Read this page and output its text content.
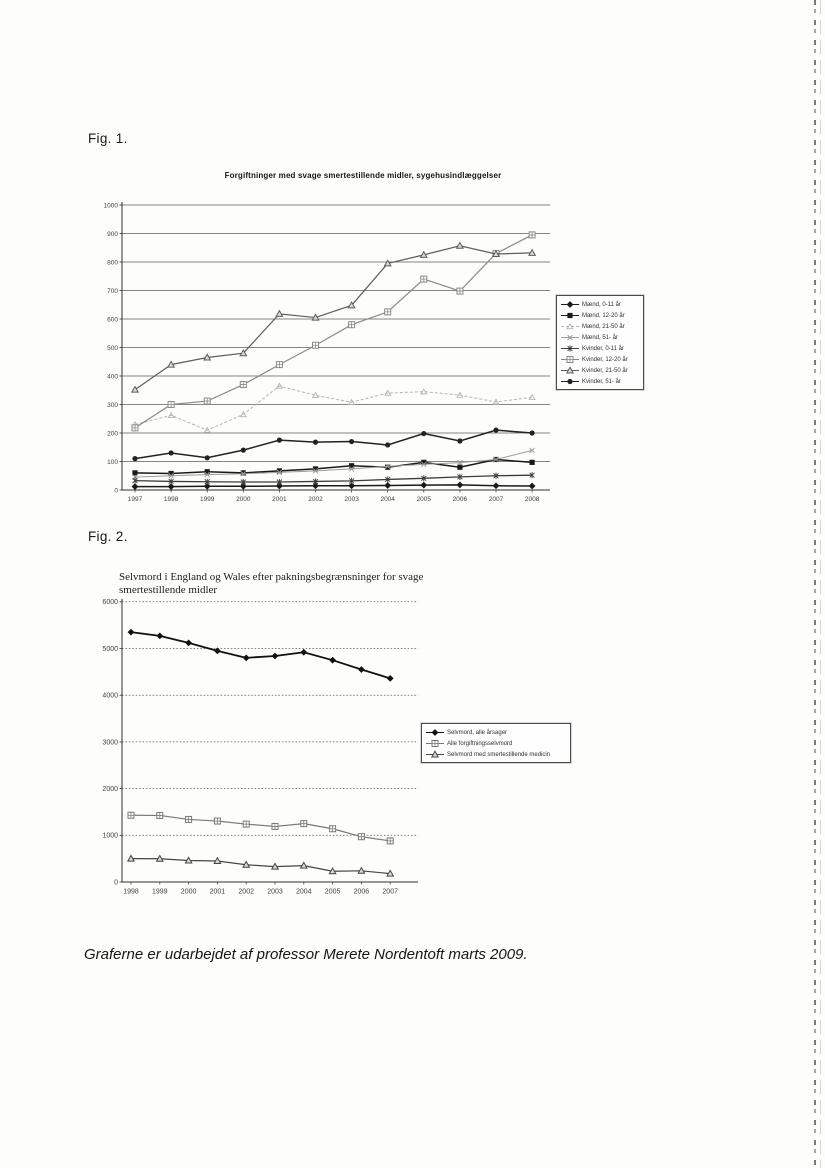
Fig. 1.
Forgiftninger med svage smertestillende midler, sygehusindlæggelser
0
100
200
300
400
500
600
700
800
900
1000
1997	1998	1999	2000	2001	2002	2003	2004	2005	2006	2007	2008
Mænd, 0-11 år
Mænd, 12-20 år
Mænd, 21-50 år
Mænd, 51- år
Kvinder, 0-11 år
Kvinder, 12-20 år
Kvinder, 21-50 år
Kvinder, 51- år
Fig. 2.
Selvmord i England og Wales efter pakningsbegrænsninger for svage smertestillende midler
0
1000
2000
3000
4000
5000
6000
1998 1999 2000 2001 2002 2003 2004 2005 2006 2007
Selvmord, alle årsager
Alle forgiftningsselvmord
Selvmord med smertestillende medicin
Graferne er udarbejdet af professor Merete Nordentoft marts 2009.
